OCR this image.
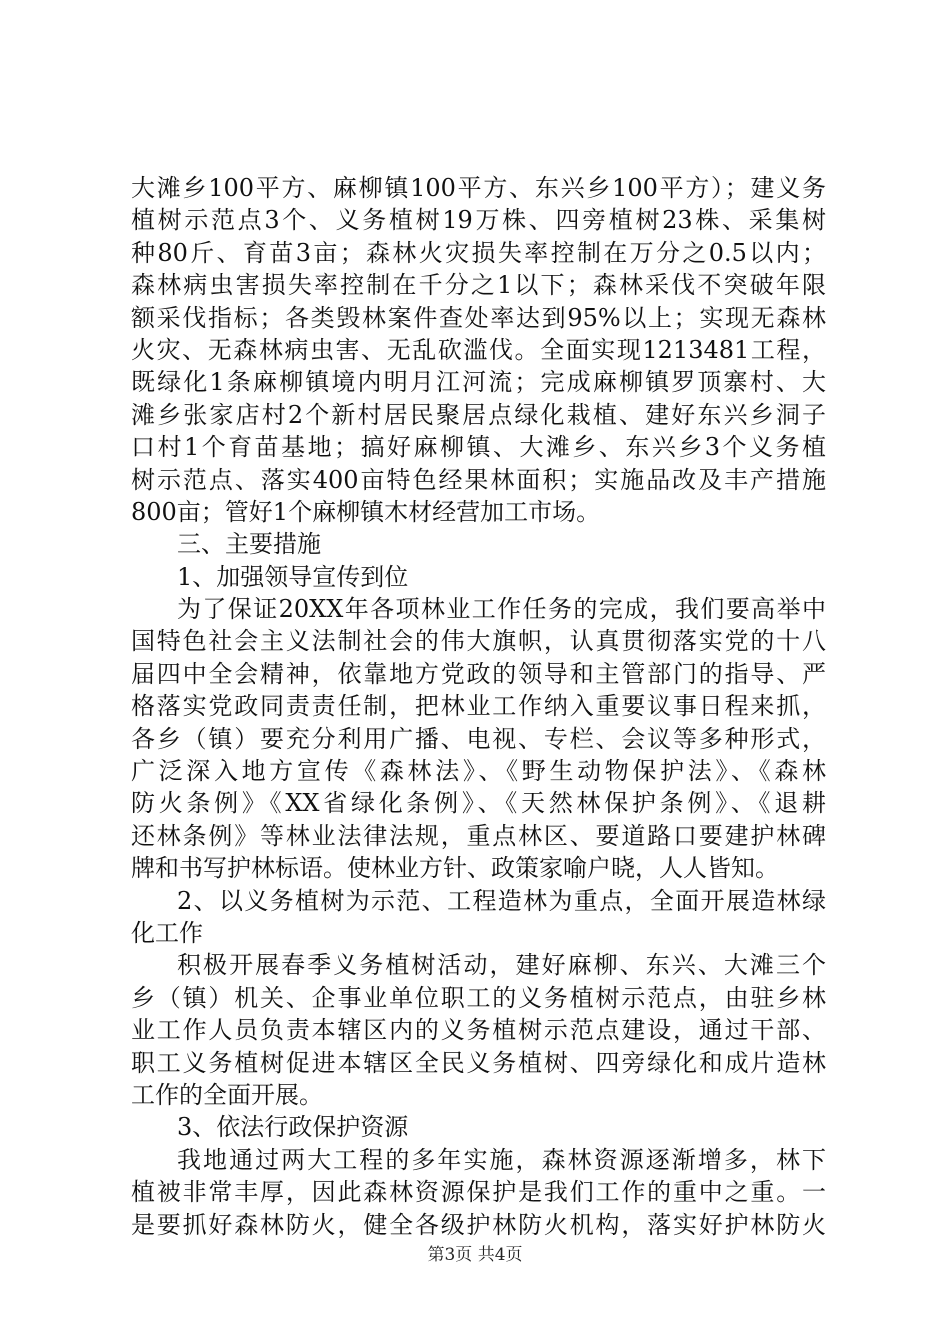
大滩乡100平方、麻柳镇100平方、东兴乡100平方）；建义务
植树示范点3个、义务植树19万株、四旁植树23株、采集树
种80斤、育苗3亩；森林火灾损失率控制在万分之0.5以内；
森林病虫害损失率控制在千分之1以下；森林采伐不突破年限
额采伐指标；各类毁林案件查处率达到95%以上；实现无森林
火灾、无森林病虫害、无乱砍滥伐。全面实现1213481工程，
既绿化1条麻柳镇境内明月江河流；完成麻柳镇罗顶寨村、大
滩乡张家店村2个新村居民聚居点绿化栽植、建好东兴乡洞子
口村1个育苗基地；搞好麻柳镇、大滩乡、东兴乡3个义务植
树示范点、落实400亩特色经果林面积；实施品改及丰产措施
800亩；管好1个麻柳镇木材经营加工市场。
三、主要措施
1、加强领导宣传到位
为了保证20XX年各项林业工作任务的完成，我们要高举中
国特色社会主义法制社会的伟大旗帜，认真贯彻落实党的十八
届四中全会精神，依靠地方党政的领导和主管部门的指导、严
格落实党政同责责任制，把林业工作纳入重要议事日程来抓，
各乡（镇）要充分利用广播、电视、专栏、会议等多种形式，
广泛深入地方宣传《森林法》、《野生动物保护法》、《森林
防火条例》《XX省绿化条例》、《天然林保护条例》、《退耕
还林条例》等林业法律法规，重点林区、要道路口要建护林碑
牌和书写护林标语。使林业方针、政策家喻户晓，人人皆知。
2、以义务植树为示范、工程造林为重点，全面开展造林绿
化工作
积极开展春季义务植树活动，建好麻柳、东兴、大滩三个
乡（镇）机关、企事业单位职工的义务植树示范点，由驻乡林
业工作人员负责本辖区内的义务植树示范点建设，通过干部、
职工义务植树促进本辖区全民义务植树、四旁绿化和成片造林
工作的全面开展。
3、依法行政保护资源
我地通过两大工程的多年实施，森林资源逐渐增多，林下
植被非常丰厚，因此森林资源保护是我们工作的重中之重。一
是要抓好森林防火，健全各级护林防火机构，落实好护林防火
第3页 共4页
